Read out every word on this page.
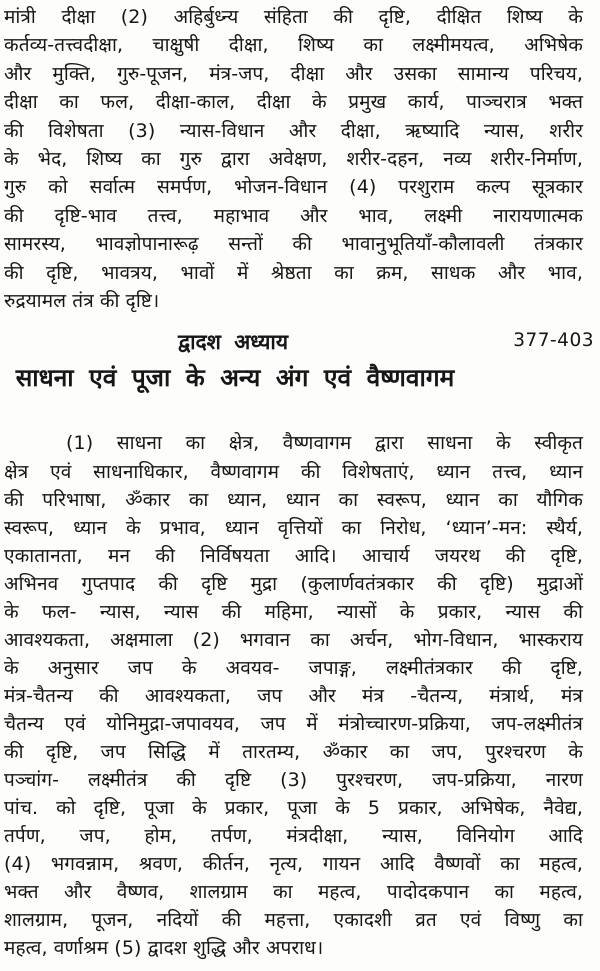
मांत्री दीक्षा (2) अहिर्बुध्न्य संहिता की दृष्टि, दीक्षित शिष्य के
कर्तव्य-तत्त्वदीक्षा, चाक्षुषी दीक्षा, शिष्य का लक्ष्मीमयत्व, अभिषेक
और मुक्ति, गुरु-पूजन, मंत्र-जप, दीक्षा और उसका सामान्य परिचय,
दीक्षा का फल, दीक्षा-काल, दीक्षा के प्रमुख कार्य, पाञ्चरात्र भक्त
की विशेषता (3) न्यास-विधान और दीक्षा, ऋष्यादि न्यास, शरीर
के भेद, शिष्य का गुरु द्वारा अवेक्षण, शरीर-दहन, नव्य शरीर-निर्माण,
गुरु को सर्वात्म समर्पण, भोजन-विधान (4) परशुराम कल्प सूत्रकार
की दृष्टि-भाव तत्त्व, महाभाव और भाव, लक्ष्मी नारायणात्मक
सामरस्य, भावज्ञोपानारूढ़ सन्तों की भावानुभूतियाँ-कौलावली तंत्रकार
की दृष्टि, भावत्रय, भावों में श्रेष्ठता का क्रम, साधक और भाव,
रुद्रयामल तंत्र की दृष्टि।
377-403
द्वादश अध्याय
साधना एवं पूजा के अन्य अंग एवं वैष्णवागम
(1) साधना का क्षेत्र, वैष्णवागम द्वारा साधना के स्वीकृत
क्षेत्र एवं साधनाधिकार, वैष्णवागम की विशेषताएं, ध्यान तत्त्व, ध्यान
की परिभाषा, ॐकार का ध्यान, ध्यान का स्वरूप, ध्यान का यौगिक
स्वरूप, ध्यान के प्रभाव, ध्यान वृत्तियों का निरोध, ‘ध्यान’-मन: स्थैर्य,
एकातानता, मन की निर्विषयता आदि। आचार्य जयरथ की दृष्टि,
अभिनव गुप्तपाद की दृष्टि मुद्रा (कुलार्णवतंत्रकार की दृष्टि) मुद्राओं
के फल- न्यास, न्यास की महिमा, न्यासों के प्रकार, न्यास की
आवश्यकता, अक्षमाला (2) भगवान का अर्चन, भोग-विधान, भास्कराय
के अनुसार जप के अवयव- जपाङ्ग, लक्ष्मीतंत्रकार की दृष्टि,
मंत्र-चैतन्य की आवश्यकता, जप और मंत्र -चैतन्य, मंत्रार्थ, मंत्र
चैतन्य एवं योनिमुद्रा-जपावयव, जप में मंत्रोच्चारण-प्रक्रिया, जप-लक्ष्मीतंत्र
की दृष्टि, जप सिद्धि में तारतम्य, ॐकार का जप, पुरश्चरण के
पञ्चांग- लक्ष्मीतंत्र की दृष्टि (3) पुरश्चरण, जप-प्रक्रिया, नारण
पांच. को दृष्टि, पूजा के प्रकार, पूजा के 5 प्रकार, अभिषेक, नैवेद्य,
तर्पण, जप, होम, तर्पण, मंत्रदीक्षा, न्यास, विनियोग आदि
(4) भगवन्नाम, श्रवण, कीर्तन, नृत्य, गायन आदि वैष्णवों का महत्व,
भक्त और वैष्णव, शालग्राम का महत्व, पादोदकपान का महत्व,
शालग्राम, पूजन, नदियों की महत्ता, एकादशी व्रत एवं विष्णु का
महत्व, वर्णाश्रम (5) द्वादश शुद्धि और अपराध।
